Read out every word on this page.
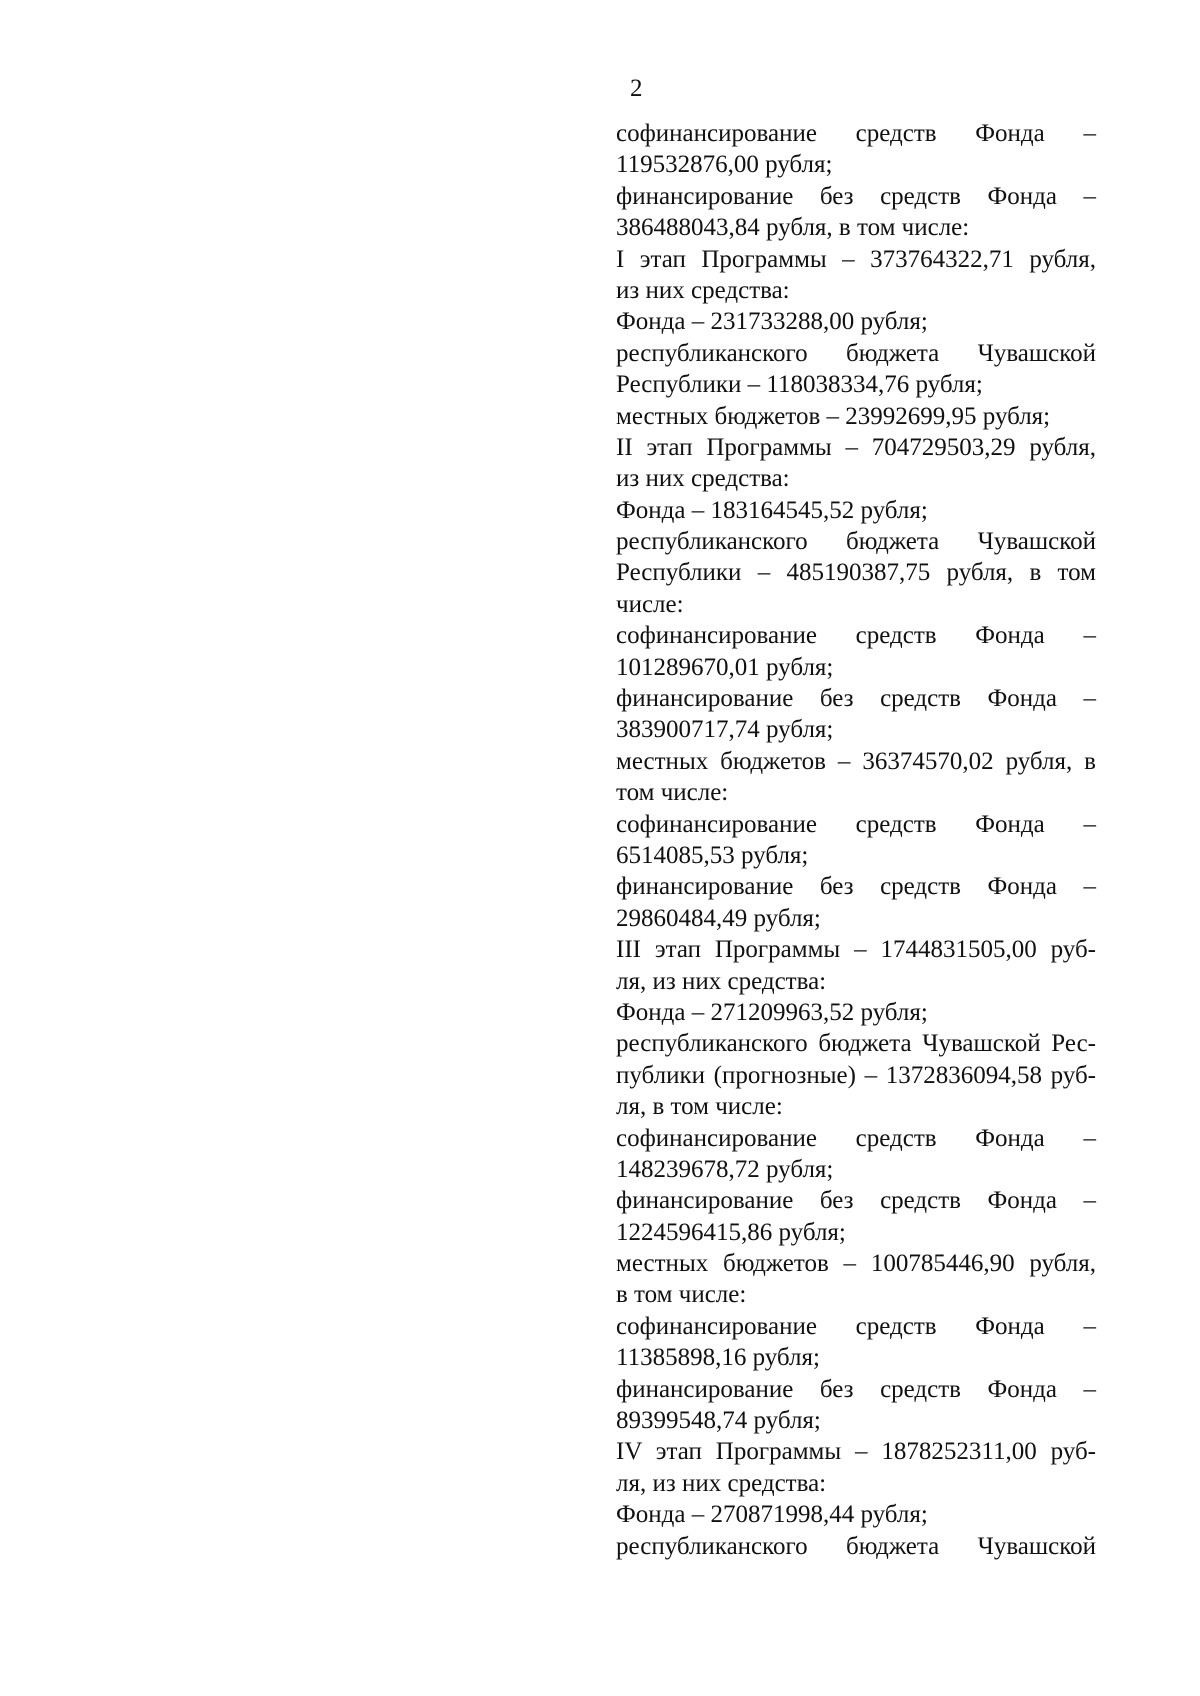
2
софинансирование средств Фонда –
119532876,00 рубля;
финансирование без средств Фонда –
386488043,84 рубля, в том числе:
I этап Программы – 373764322,71 рубля,
из них средства:
Фонда – 231733288,00 рубля;
республиканского бюджета Чувашской
Республики – 118038334,76 рубля;
местных бюджетов – 23992699,95 рубля;
II этап Программы – 704729503,29 рубля,
из них средства:
Фонда – 183164545,52 рубля;
республиканского бюджета Чувашской
Республики – 485190387,75 рубля, в том
числе:
софинансирование средств Фонда –
101289670,01 рубля;
финансирование без средств Фонда –
383900717,74 рубля;
местных бюджетов – 36374570,02 рубля, в
том числе:
софинансирование средств Фонда –
6514085,53 рубля;
финансирование без средств Фонда –
29860484,49 рубля;
III этап Программы – 1744831505,00 руб-
ля, из них средства:
Фонда – 271209963,52 рубля;
республиканского бюджета Чувашской Рес-
публики (прогнозные) – 1372836094,58 руб-
ля, в том числе:
софинансирование средств Фонда –
148239678,72 рубля;
финансирование без средств Фонда –
1224596415,86 рубля;
местных бюджетов – 100785446,90 рубля,
в том числе:
софинансирование средств Фонда –
11385898,16 рубля;
финансирование без средств Фонда –
89399548,74 рубля;
IV этап Программы – 1878252311,00 руб-
ля, из них средства:
Фонда – 270871998,44 рубля;
республиканского бюджета Чувашской
